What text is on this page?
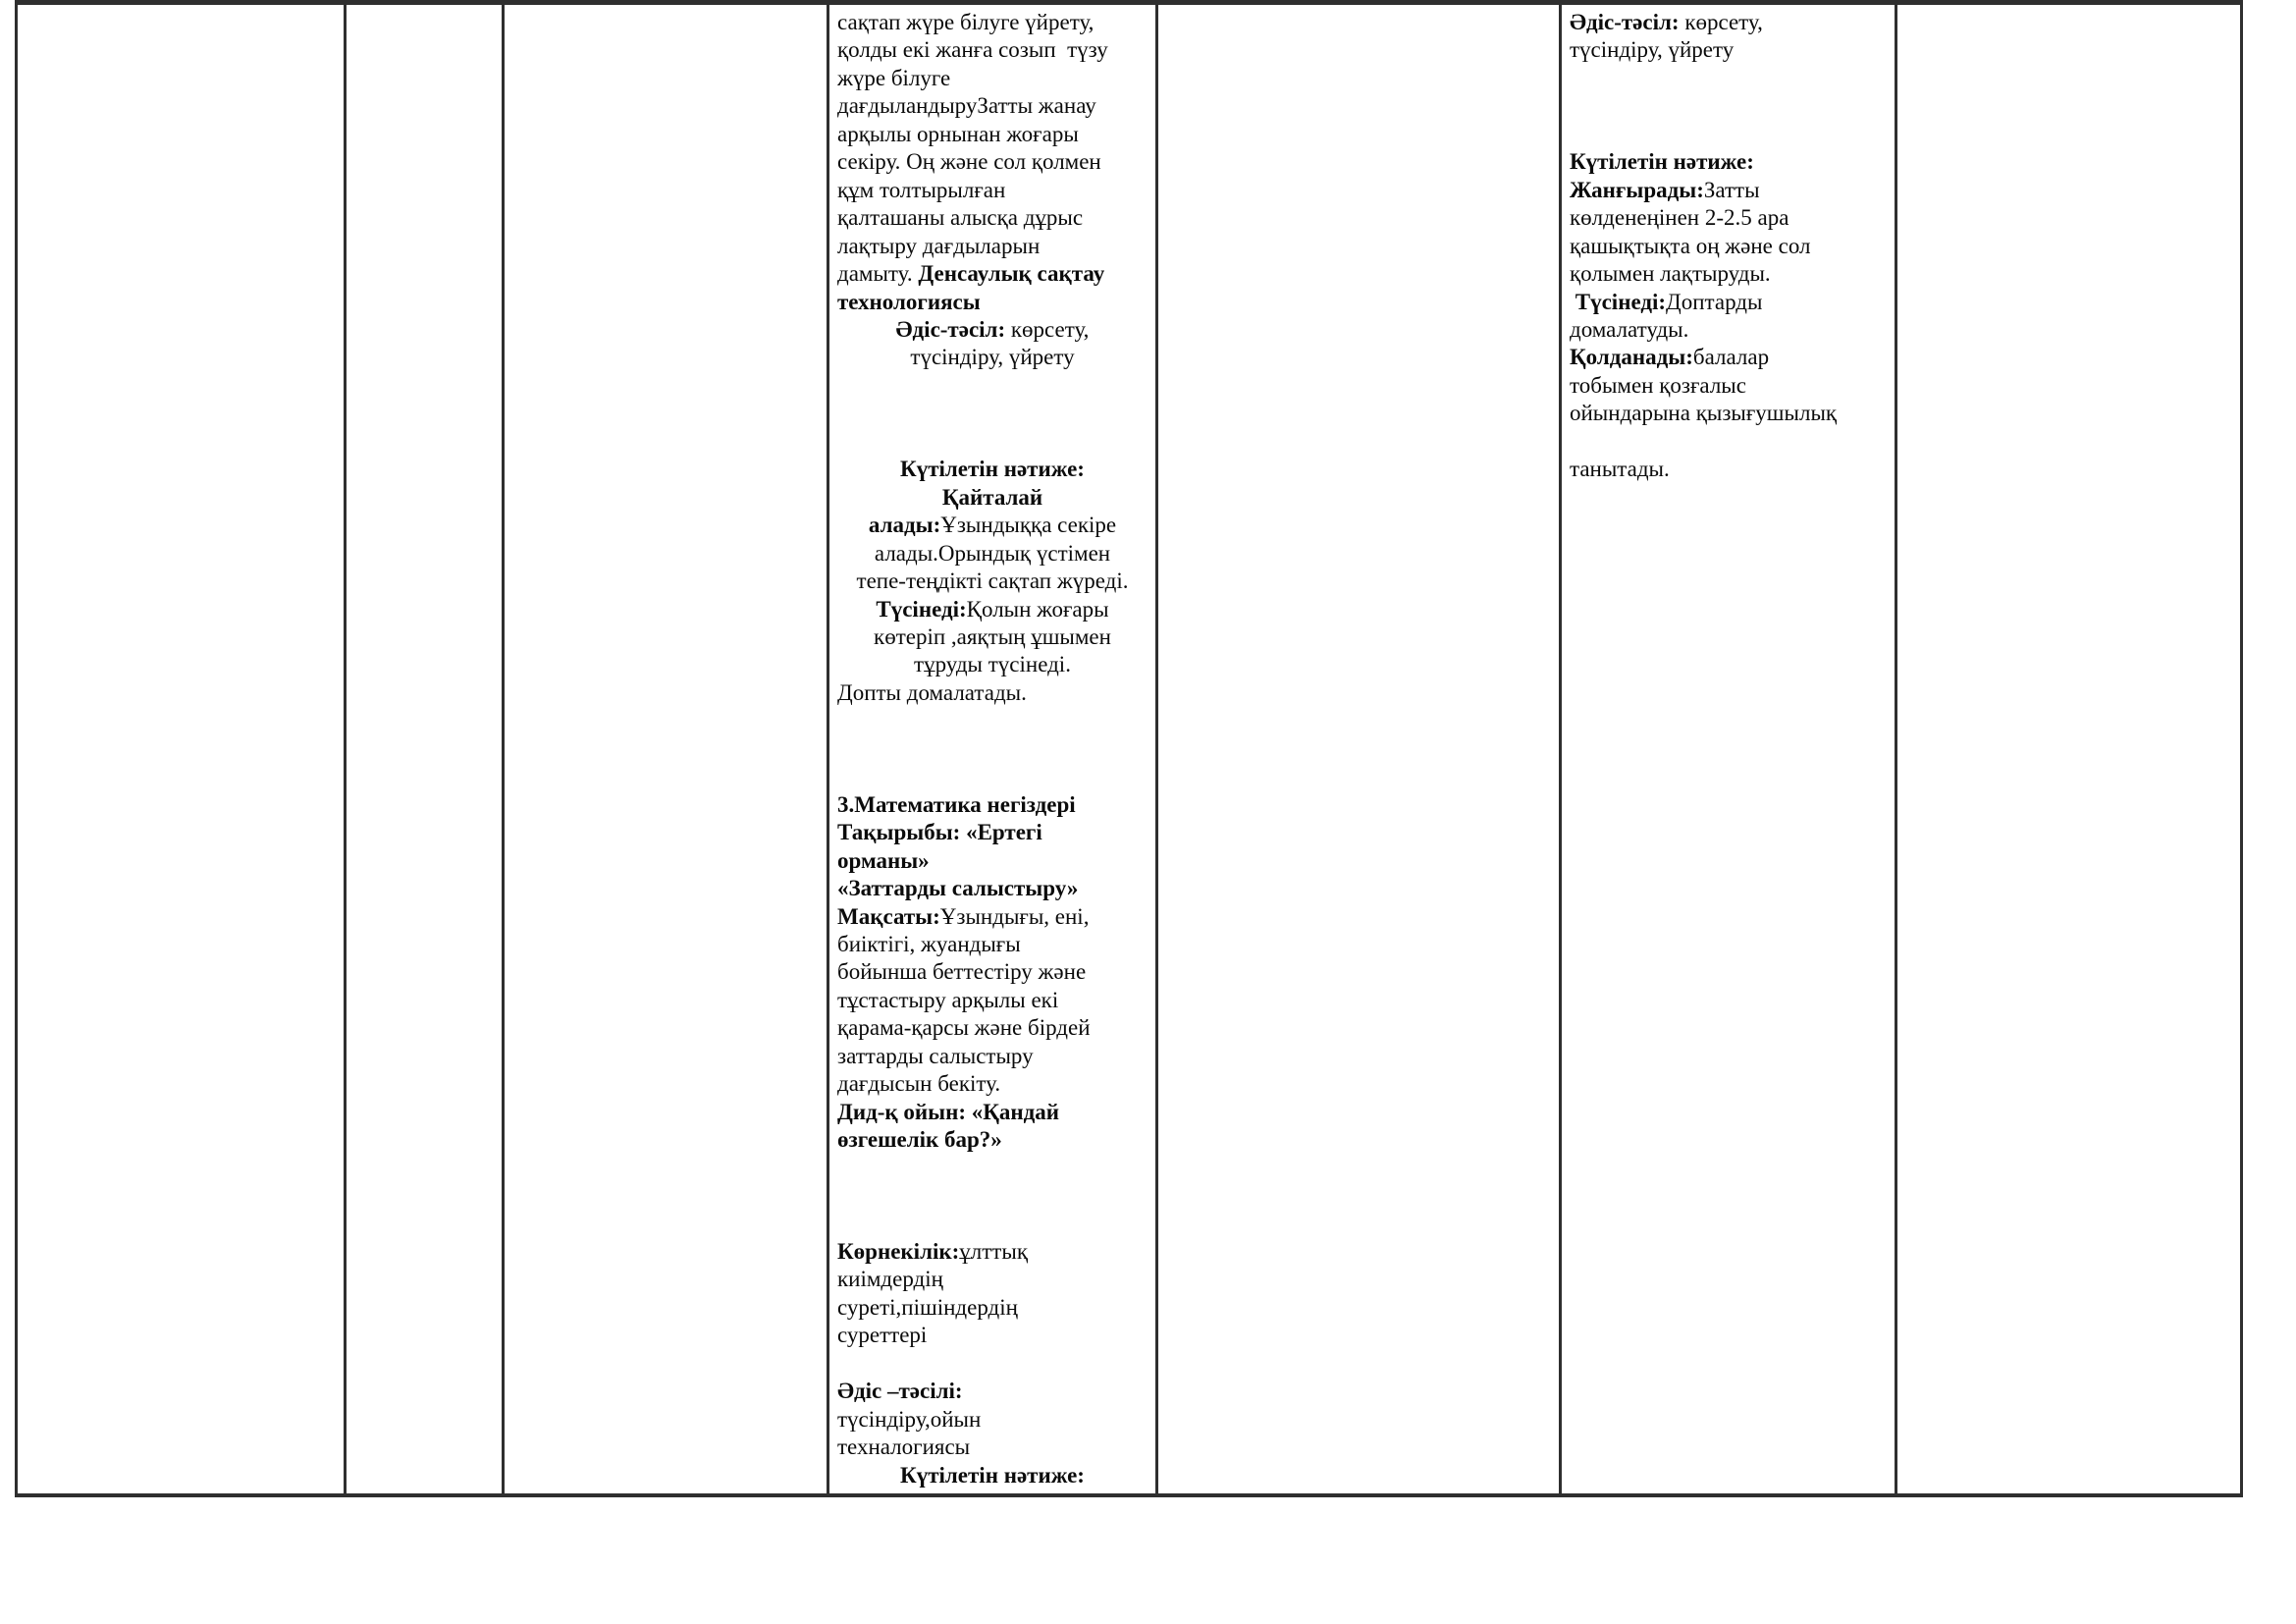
сақтап жүре білуге үйрету,
қолды екі жанға созып  түзу
жүре білуге
дағдыландыруЗатты жанау
арқылы орнынан жоғары
секіру. Оң және сол қолмен
құм толтырылған
қалташаны алысқа дұрыс
лақтыру дағдыларын
дамыту. Денсаулық сақтау
технологиясы
Әдіс-тәсіл: көрсету,
түсіндіру, үйрету

Күтілетін нәтиже:
Қайталай
алады:Ұзындыққа секіре
алады.Орындық үстімен
тепе-теңдікті сақтап жүреді.
Түсінеді:Қолын жоғары
көтеріп ,аяқтың ұшымен
тұруды түсінеді.
Допты домалатады.

3.Математика негіздері
Тақырыбы: «Ертегі
орманы»
«Заттарды салыстыру»
Мақсаты:Ұзындығы, ені,
биіктігі, жуандығы
бойынша беттестіру және
тұстастыру арқылы екі
қарама-қарсы және бірдей
заттарды салыстыру
дағдысын бекіту.
Дид-қ ойын: «Қандай
өзгешелік бар?»

Көрнекілік:ұлттық
киімдердің
суреті,пішіндердің
суреттері

Әдіс –тәсілі:
түсіндіру,ойын
техналогиясы
Күтілетін нәтиже:
Әдіс-тәсіл: көрсету,
түсіндіру, үйрету

Күтілетін нәтиже:
Жанғырады:Затты
көлденеңінен 2-2.5 ара
қашықтықта оң және сол
қолымен лақтыруды.
Түсінеді:Доптарды
домалатуды.
Қолданады:балалар
тобымен қозғалыс
ойындарына қызығушылық

танытады.
